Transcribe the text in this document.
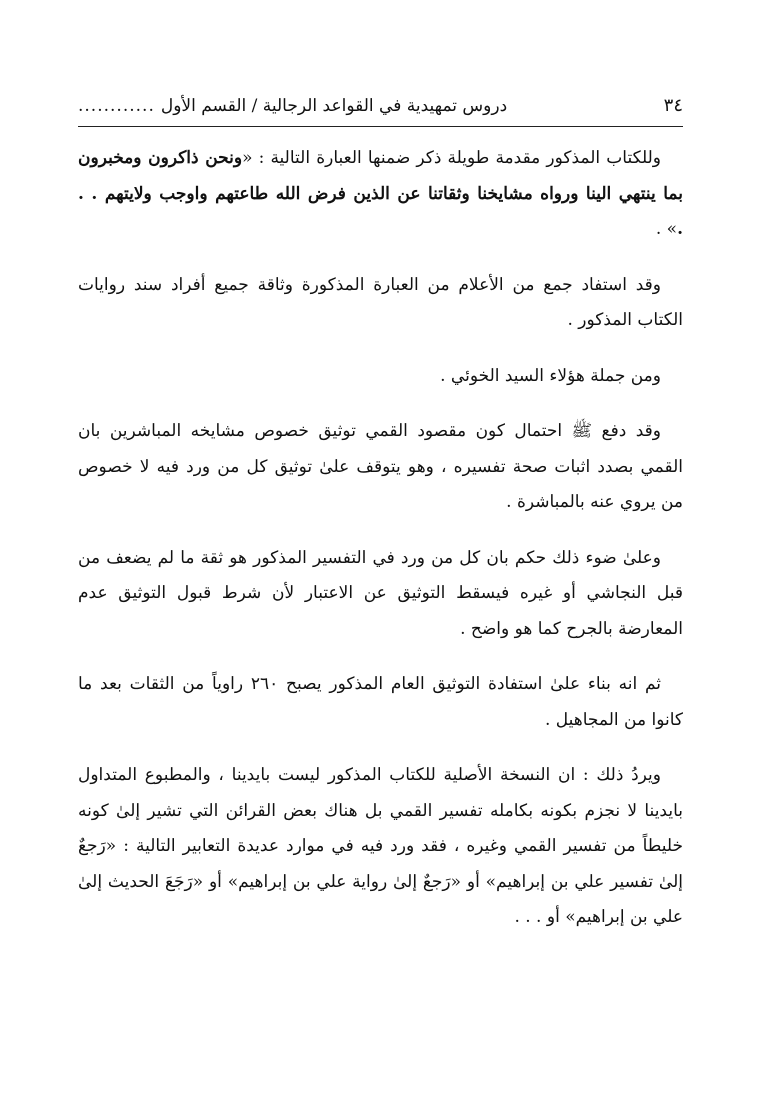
٣٤
دروس تمهيدية في القواعد الرجالية / القسم الأول
............

وللكتاب المذكور مقدمة طويلة ذكر ضمنها العبارة التالية : «ونحن ذاكرون ومخبرون بما ينتهي الينا ورواه مشايخنا وثقاتنا عن الذين فرض الله طاعتهم واوجب ولايتهم . . .» .

وقد استفاد جمع من الأعلام من العبارة المذكورة وثاقة جميع أفراد سند روايات الكتاب المذكور .

ومن جملة هؤلاء السيد الخوئي .

وقد دفع ﷺ احتمال كون مقصود القمي توثيق خصوص مشايخه المباشرين بان القمي بصدد اثبات صحة تفسيره ، وهو يتوقف علىٰ توثيق كل من ورد فيه لا خصوص من يروي عنه بالمباشرة .

وعلىٰ ضوء ذلك حكم بان كل من ورد في التفسير المذكور هو ثقة ما لم يضعف من قبل النجاشي أو غيره فيسقط التوثيق عن الاعتبار لأن شرط قبول التوثيق عدم المعارضة بالجرح كما هو واضح .

ثم انه بناء علىٰ استفادة التوثيق العام المذكور يصبح ٢٦٠ راوياً من الثقات بعد ما كانوا من المجاهيل .

ويردُ ذلك : ان النسخة الأصلية للكتاب المذكور ليست بايدينا ، والمطبوع المتداول بايدينا لا نجزم بكونه بكامله تفسير القمي بل هناك بعض القرائن التي تشير إلىٰ كونه خليطاً من تفسير القمي وغيره ، فقد ورد فيه في موارد عديدة التعابير التالية : «رَجعٌ إلىٰ تفسير علي بن إبراهيم» أو «رَجعٌ إلىٰ رواية علي بن إبراهيم» أو «رَجَعَ الحديث إلىٰ علي بن إبراهيم» أو . . .
